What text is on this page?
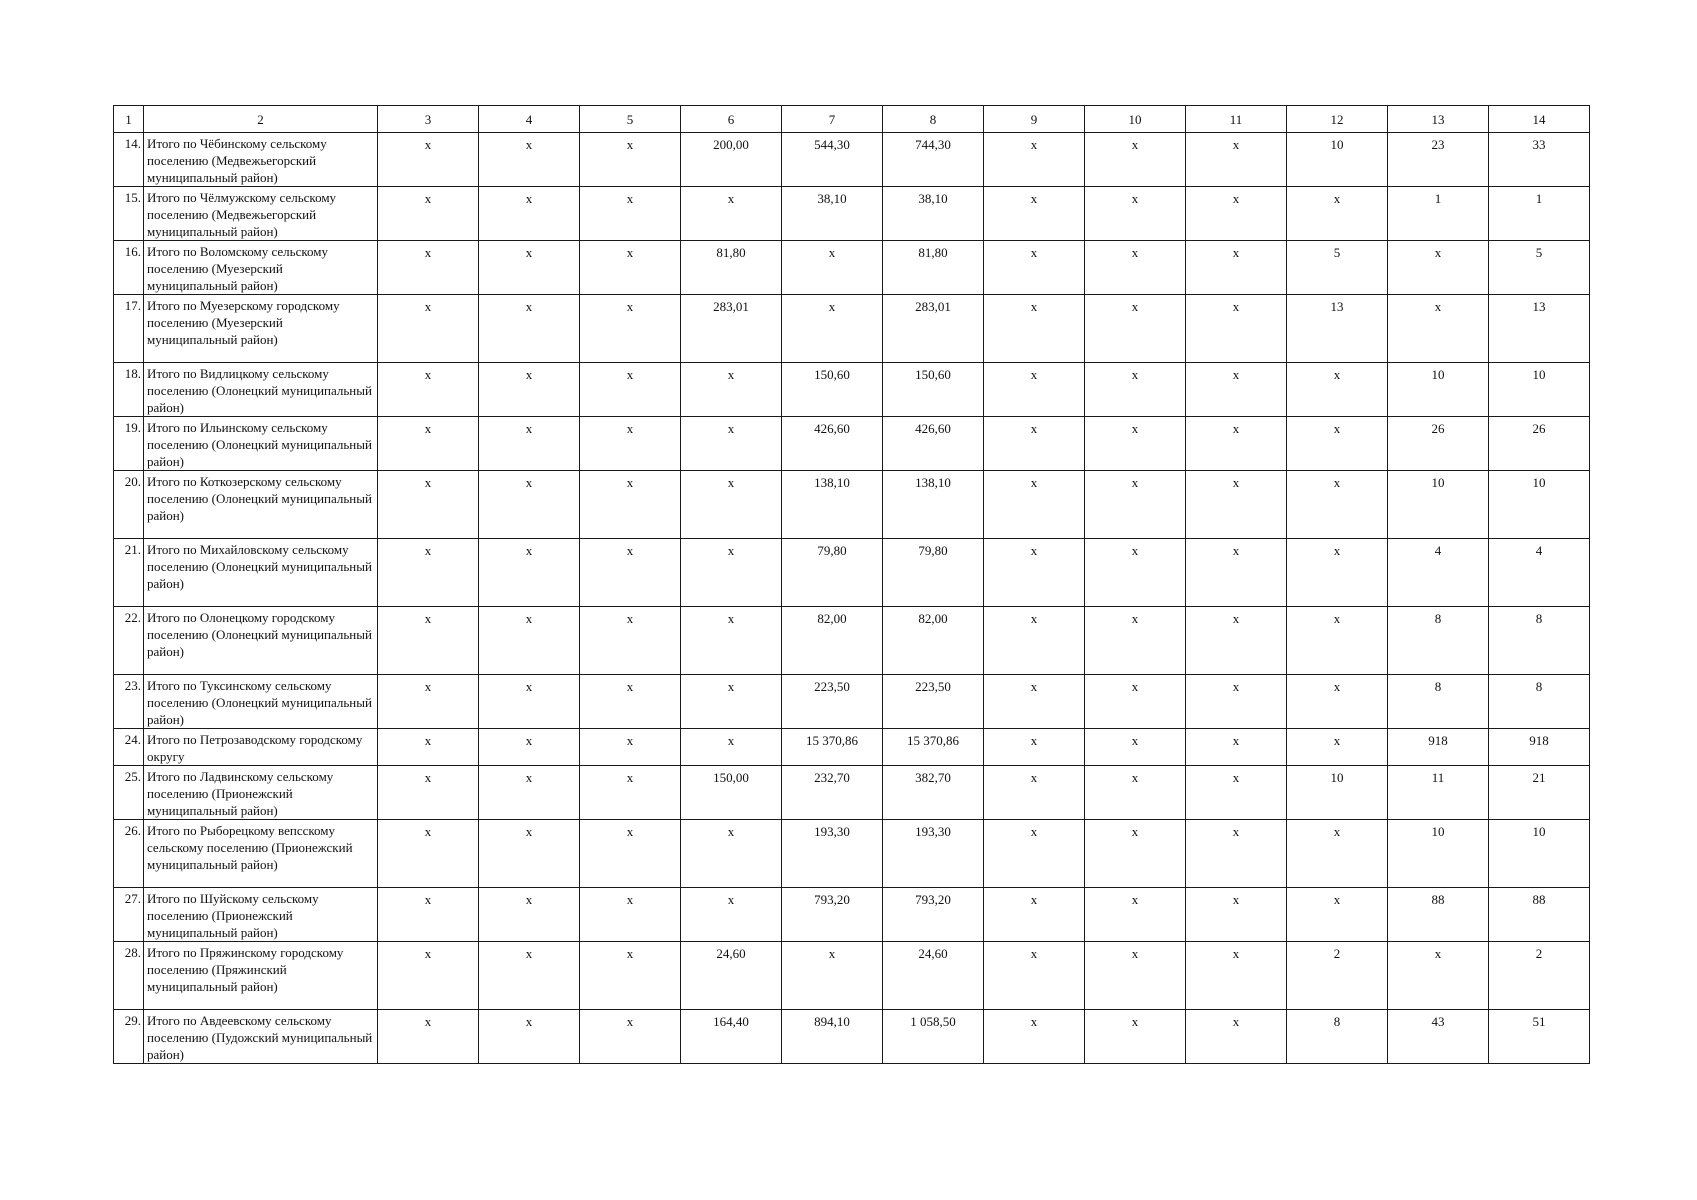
1	2	3	4	5	6	7	8	9	10	11	12	13	14
14.	Итого по Чёбинскому сельскому поселению (Медвежьегорский муниципальный район)	x	x	x	200,00	544,30	744,30	x	x	x	10	23	33
15.	Итого по Чёлмужскому сельскому поселению (Медвежьегорский муниципальный район)	x	x	x	x	38,10	38,10	x	x	x	x	1	1
16.	Итого по Воломскому сельскому поселению (Муезерский муниципальный район)	x	x	x	81,80	x	81,80	x	x	x	5	x	5
17.	Итого по Муезерскому городскому поселению (Муезерский муниципальный район)	x	x	x	283,01	x	283,01	x	x	x	13	x	13
18.	Итого по Видлицкому сельскому поселению (Олонецкий муниципальный район)	x	x	x	x	150,60	150,60	x	x	x	x	10	10
19.	Итого по Ильинскому сельскому поселению (Олонецкий муниципальный район)	x	x	x	x	426,60	426,60	x	x	x	x	26	26
20.	Итого по Коткозерскому сельскому поселению (Олонецкий муниципальный район)	x	x	x	x	138,10	138,10	x	x	x	x	10	10
21.	Итого по Михайловскому сельскому поселению (Олонецкий муниципальный район)	x	x	x	x	79,80	79,80	x	x	x	x	4	4
22.	Итого по Олонецкому городскому поселению (Олонецкий муниципальный район)	x	x	x	x	82,00	82,00	x	x	x	x	8	8
23.	Итого по Туксинскому сельскому поселению (Олонецкий муниципальный район)	x	x	x	x	223,50	223,50	x	x	x	x	8	8
24.	Итого по Петрозаводскому городскому округу	x	x	x	x	15 370,86	15 370,86	x	x	x	x	918	918
25.	Итого по Ладвинскому сельскому поселению (Прионежский муниципальный район)	x	x	x	150,00	232,70	382,70	x	x	x	10	11	21
26.	Итого по Рыборецкому вепсскому сельскому поселению (Прионежский муниципальный район)	x	x	x	x	193,30	193,30	x	x	x	x	10	10
27.	Итого по Шуйскому сельскому поселению (Прионежский муниципальный район)	x	x	x	x	793,20	793,20	x	x	x	x	88	88
28.	Итого по Пряжинскому городскому поселению (Пряжинский муниципальный район)	x	x	x	24,60	x	24,60	x	x	x	2	x	2
29.	Итого по Авдеевскому сельскому поселению (Пудожский муниципальный район)	x	x	x	164,40	894,10	1 058,50	x	x	x	8	43	51
